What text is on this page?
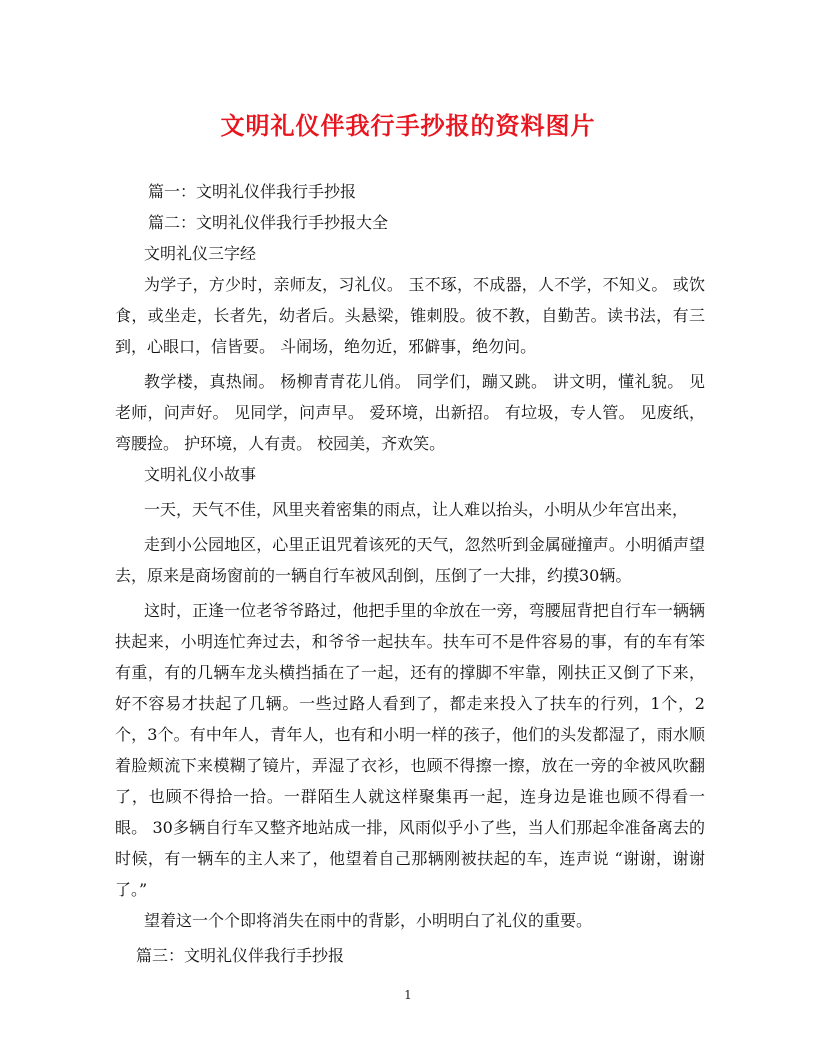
文明礼仪伴我行手抄报的资料图片

篇一：文明礼仪伴我行手抄报

篇二：文明礼仪伴我行手抄报大全

文明礼仪三字经

为学子，方少时，亲师友，习礼仪。 玉不琢，不成器，人不学，不知义。 或饮食，或坐走，长者先，幼者后。头悬梁，锥刺股。彼不教，自勤苦。读书法，有三到，心眼口，信皆要。 斗闹场，绝勿近，邪僻事，绝勿问。

教学楼，真热闹。 杨柳青青花儿俏。 同学们，蹦又跳。 讲文明，懂礼貌。 见老师，问声好。 见同学，问声早。 爱环境，出新招。 有垃圾，专人管。 见废纸，弯腰捡。 护环境，人有责。 校园美，齐欢笑。

文明礼仪小故事

一天，天气不佳，风里夹着密集的雨点，让人难以抬头，小明从少年宫出来，

走到小公园地区，心里正诅咒着该死的天气，忽然听到金属碰撞声。小明循声望去，原来是商场窗前的一辆自行车被风刮倒，压倒了一大排，约摸30辆。

这时，正逢一位老爷爷路过，他把手里的伞放在一旁，弯腰屈背把自行车一辆辆扶起来，小明连忙奔过去，和爷爷一起扶车。扶车可不是件容易的事，有的车有笨有重，有的几辆车龙头横挡插在了一起，还有的撑脚不牢靠，刚扶正又倒了下来，好不容易才扶起了几辆。一些过路人看到了，都走来投入了扶车的行列，1个，2个，3个。有中年人，青年人，也有和小明一样的孩子，他们的头发都湿了，雨水顺着脸颊流下来模糊了镜片，弄湿了衣衫，也顾不得擦一擦，放在一旁的伞被风吹翻了，也顾不得拾一拾。一群陌生人就这样聚集再一起，连身边是谁也顾不得看一眼。 30多辆自行车又整齐地站成一排，风雨似乎小了些，当人们那起伞准备离去的时候，有一辆车的主人来了，他望着自己那辆刚被扶起的车，连声说 “谢谢，谢谢了。”

望着这一个个即将消失在雨中的背影，小明明白了礼仪的重要。

篇三：文明礼仪伴我行手抄报

1
